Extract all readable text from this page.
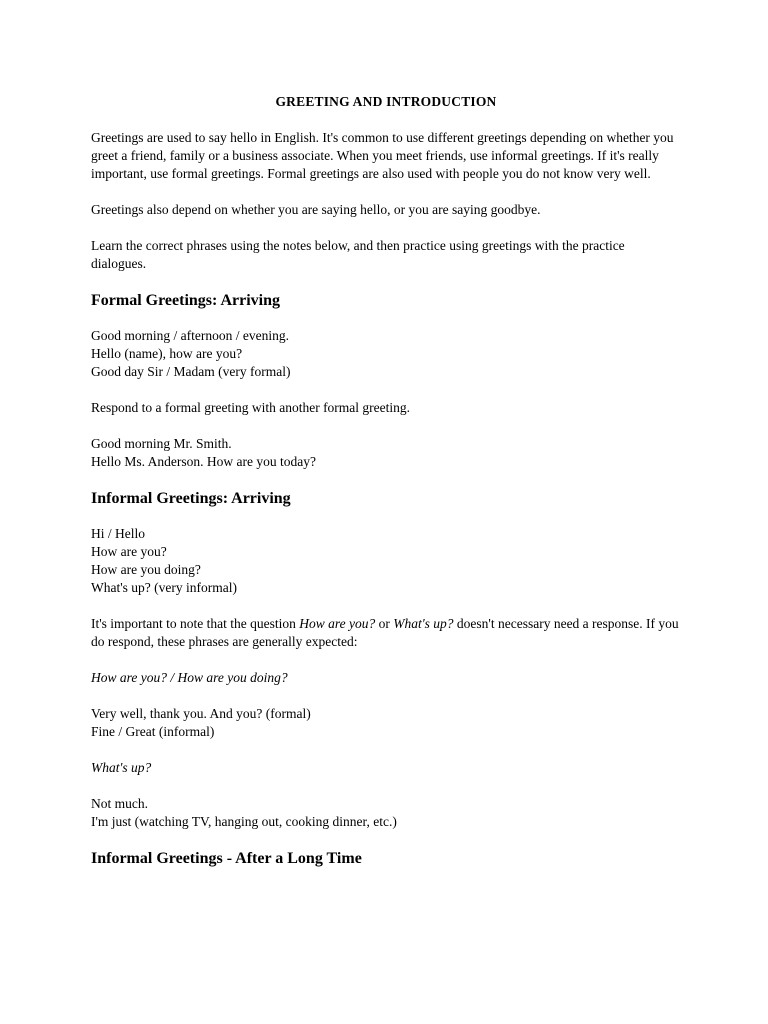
GREETING AND INTRODUCTION

Greetings are used to say hello in English. It's common to use different greetings depending on whether you greet a friend, family or a business associate. When you meet friends, use informal greetings. If it's really important, use formal greetings. Formal greetings are also used with people you do not know very well.

Greetings also depend on whether you are saying hello, or you are saying goodbye.

Learn the correct phrases using the notes below, and then practice using greetings with the practice dialogues.

Formal Greetings: Arriving
Good morning / afternoon / evening.
Hello (name), how are you?
Good day Sir / Madam (very formal)

Respond to a formal greeting with another formal greeting.

Good morning Mr. Smith.
Hello Ms. Anderson. How are you today?
Informal Greetings: Arriving
Hi / Hello
How are you?
How are you doing?
What's up? (very informal)

It's important to note that the question How are you? or What's up? doesn't necessary need a response. If you do respond, these phrases are generally expected:

How are you? / How are you doing?

Very well, thank you. And you? (formal)
Fine / Great (informal)

What's up?

Not much.
I'm just (watching TV, hanging out, cooking dinner, etc.)
Informal Greetings - After a Long Time
